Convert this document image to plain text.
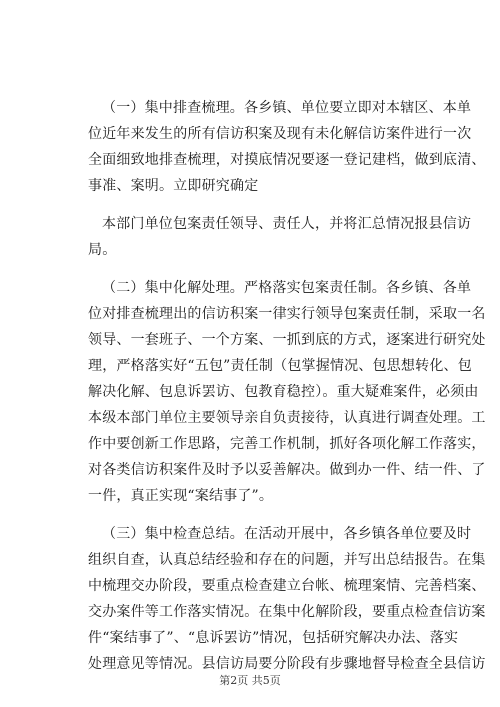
（一）集中排查梳理。各乡镇、单位要立即对本辖区、本单
位近年来发生的所有信访积案及现有未化解信访案件进行一次
全面细致地排查梳理，对摸底情况要逐一登记建档，做到底清、
事准、案明。立即研究确定
本部门单位包案责任领导、责任人，并将汇总情况报县信访
局。
（二）集中化解处理。严格落实包案责任制。各乡镇、各单
位对排查梳理出的信访积案一律实行领导包案责任制，采取一名
领导、一套班子、一个方案、一抓到底的方式，逐案进行研究处
理，严格落实好“五包”责任制（包掌握情况、包思想转化、包
解决化解、包息诉罢访、包教育稳控）。重大疑难案件，必须由
本级本部门单位主要领导亲自负责接待，认真进行调查处理。工
作中要创新工作思路，完善工作机制，抓好各项化解工作落实，
对各类信访积案件及时予以妥善解决。做到办一件、结一件、了
一件，真正实现“案结事了”。
（三）集中检查总结。在活动开展中，各乡镇各单位要及时
组织自查，认真总结经验和存在的问题，并写出总结报告。在集
中梳理交办阶段，要重点检查建立台帐、梳理案情、完善档案、
交办案件等工作落实情况。在集中化解阶段，要重点检查信访案
件“案结事了”、“息诉罢访”情况，包括研究解决办法、落实
处理意见等情况。县信访局要分阶段有步骤地督导检查全县信访
第2页 共5页
